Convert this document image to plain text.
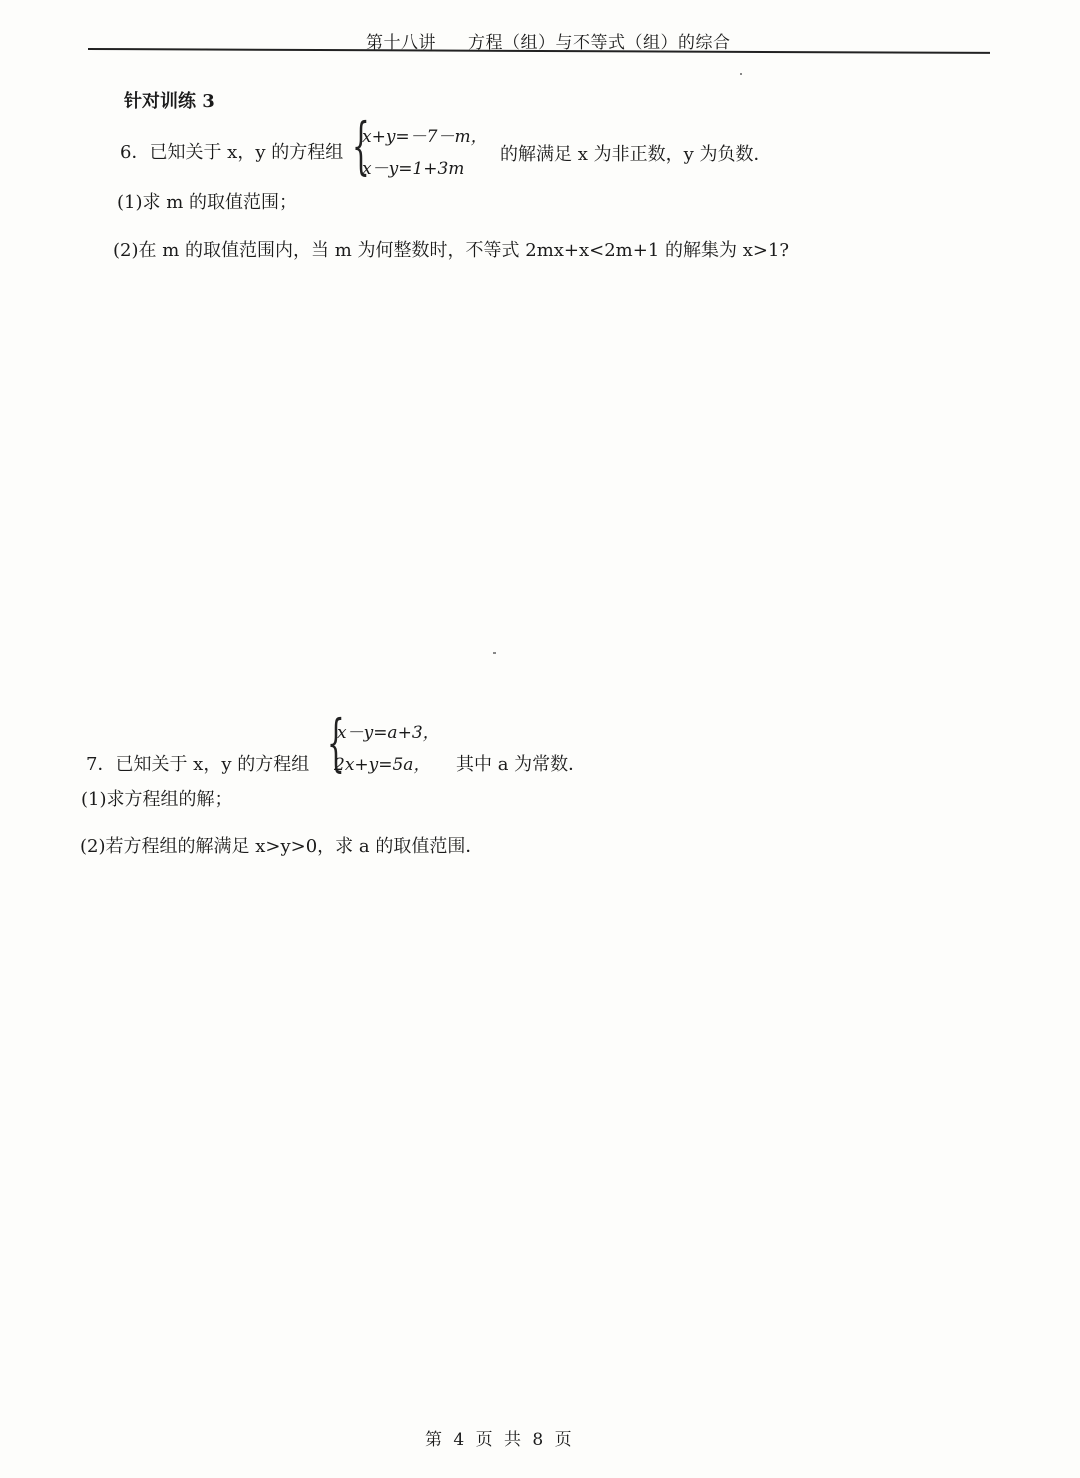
第十八讲 方程（组）与不等式（组）的综合
针对训练 3
6．已知关于 x，y 的方程组 {
x+y=－7－m，
x－y=1+3m
的解满足 x 为非正数，y 为负数．
(1)求 m 的取值范围；
(2)在 m 的取值范围内，当 m 为何整数时，不等式 2mx+x<2m+1 的解集为 x>1?
{
x－y=a+3，
2x+y=5a，
7．已知关于 x，y 的方程组	其中 a 为常数．
(1)求方程组的解；
(2)若方程组的解满足 x>y>0，求 a 的取值范围．
第 4 页 共 8 页
